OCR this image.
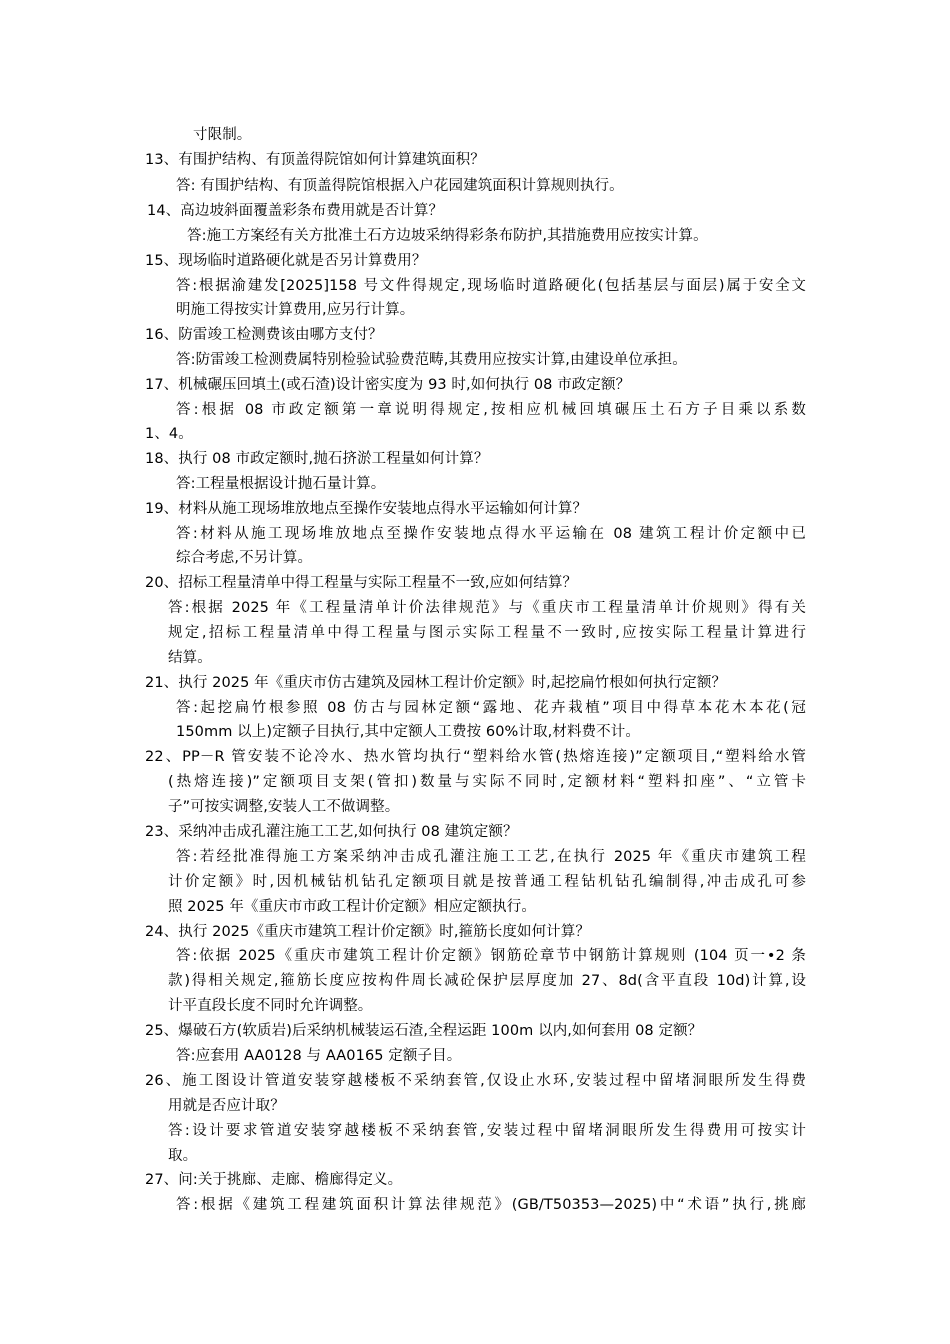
寸限制。
13、有围护结构、有顶盖得院馆如何计算建筑面积？
答: 有围护结构、有顶盖得院馆根据入户花园建筑面积计算规则执行。
14、高边坡斜面覆盖彩条布费用就是否计算？
答:施工方案经有关方批准土石方边坡采纳得彩条布防护,其措施费用应按实计算。
15、现场临时道路硬化就是否另计算费用？
答:根据渝建发[2025]158 号文件得规定,现场临时道路硬化(包括基层与面层)属于安全文
明施工得按实计算费用,应另行计算。
16、防雷竣工检测费该由哪方支付？
答:防雷竣工检测费属特别检验试验费范畴,其费用应按实计算,由建设单位承担。
17、机械碾压回填土(或石渣)设计密实度为 93 时,如何执行 08 市政定额？
答:根据 08 市政定额第一章说明得规定,按相应机械回填碾压土石方子目乘以系数
1、4。
18、执行 08 市政定额时,抛石挤淤工程量如何计算？
答:工程量根据设计抛石量计算。
19、材料从施工现场堆放地点至操作安装地点得水平运输如何计算？
答:材料从施工现场堆放地点至操作安装地点得水平运输在 08 建筑工程计价定额中已
综合考虑,不另计算。
20、招标工程量清单中得工程量与实际工程量不一致,应如何结算？
答:根据 2025 年《工程量清单计价法律规范》与《重庆市工程量清单计价规则》得有关
规定,招标工程量清单中得工程量与图示实际工程量不一致时,应按实际工程量计算进行
结算。
21、执行 2025 年《重庆市仿古建筑及园林工程计价定额》时,起挖扁竹根如何执行定额？
答:起挖扁竹根参照 08 仿古与园林定额“露地、花卉栽植”项目中得草本花木本花(冠
150mm 以上)定额子目执行,其中定额人工费按 60%计取,材料费不计。
22、PP－R 管安装不论冷水、热水管均执行“塑料给水管(热熔连接)”定额项目,“塑料给水管
(热熔连接)”定额项目支架(管扣)数量与实际不同时,定额材料“塑料扣座”、“立管卡
子”可按实调整,安装人工不做调整。
23、采纳冲击成孔灌注施工工艺,如何执行 08 建筑定额？
答:若经批准得施工方案采纳冲击成孔灌注施工工艺,在执行 2025 年《重庆市建筑工程
计价定额》时,因机械钻机钻孔定额项目就是按普通工程钻机钻孔编制得,冲击成孔可参
照 2025 年《重庆市市政工程计价定额》相应定额执行。
24、执行 2025《重庆市建筑工程计价定额》时,箍筋长度如何计算？
答:依据 2025《重庆市建筑工程计价定额》钢筋砼章节中钢筋计算规则 (104 页一•2 条
款)得相关规定,箍筋长度应按构件周长减砼保护层厚度加 27、8d(含平直段 10d)计算,设
计平直段长度不同时允许调整。
25、爆破石方(软质岩)后采纳机械装运石渣,全程运距 100m 以内,如何套用 08 定额？
答:应套用 AA0128 与 AA0165 定额子目。
26、施工图设计管道安装穿越楼板不采纳套管,仅设止水环,安装过程中留堵洞眼所发生得费
用就是否应计取？
答:设计要求管道安装穿越楼板不采纳套管,安装过程中留堵洞眼所发生得费用可按实计
取。
27、问:关于挑廊、走廊、檐廊得定义。
答:根据《建筑工程建筑面积计算法律规范》(GB/T50353—2025)中“术语”执行,挑廊
